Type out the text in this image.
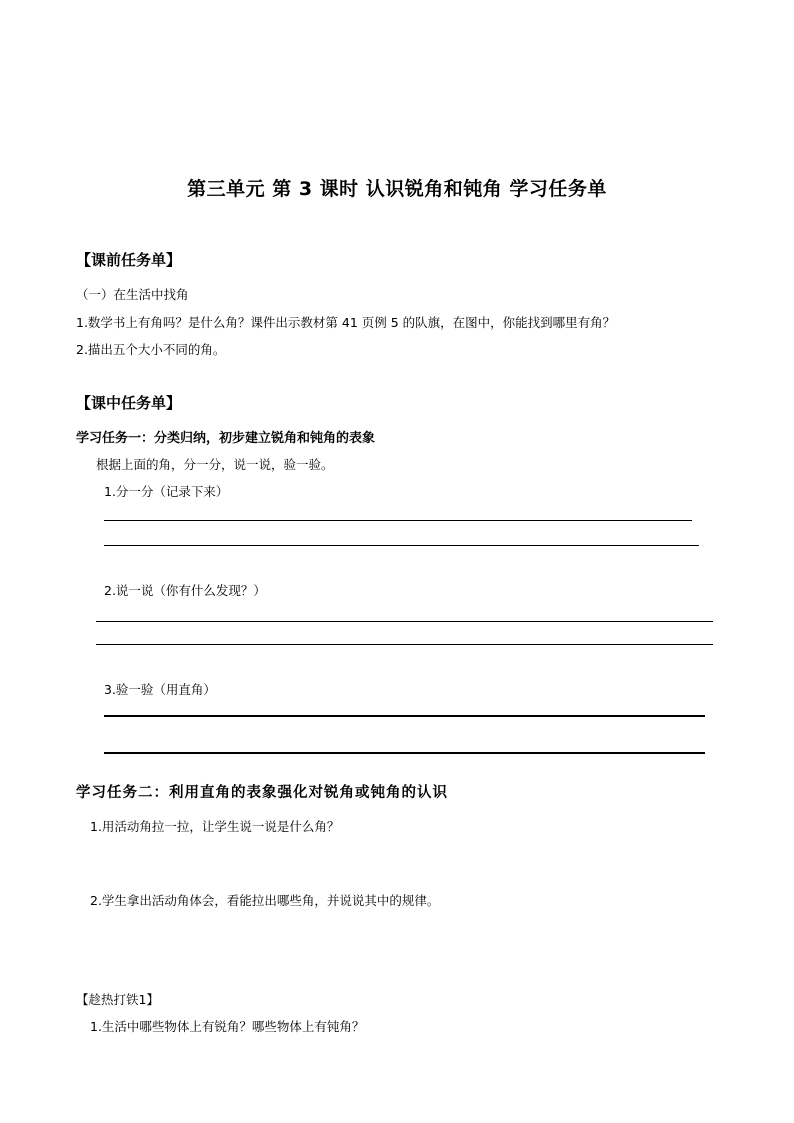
第三单元 第 3 课时 认识锐角和钝角 学习任务单
【课前任务单】
（一）在生活中找角
1.数学书上有角吗？是什么角？课件出示教材第 41 页例 5 的队旗，在图中，你能找到哪里有角？
2.描出五个大小不同的角。
【课中任务单】
学习任务一：分类归纳，初步建立锐角和钝角的表象
根据上面的角，分一分，说一说，验一验。
1.分一分（记录下来）
2.说一说（你有什么发现？）
3.验一验（用直角）
学习任务二：利用直角的表象强化对锐角或钝角的认识
1.用活动角拉一拉，让学生说一说是什么角？
2.学生拿出活动角体会，看能拉出哪些角，并说说其中的规律。
【趁热打铁1】
1.生活中哪些物体上有锐角？哪些物体上有钝角？
